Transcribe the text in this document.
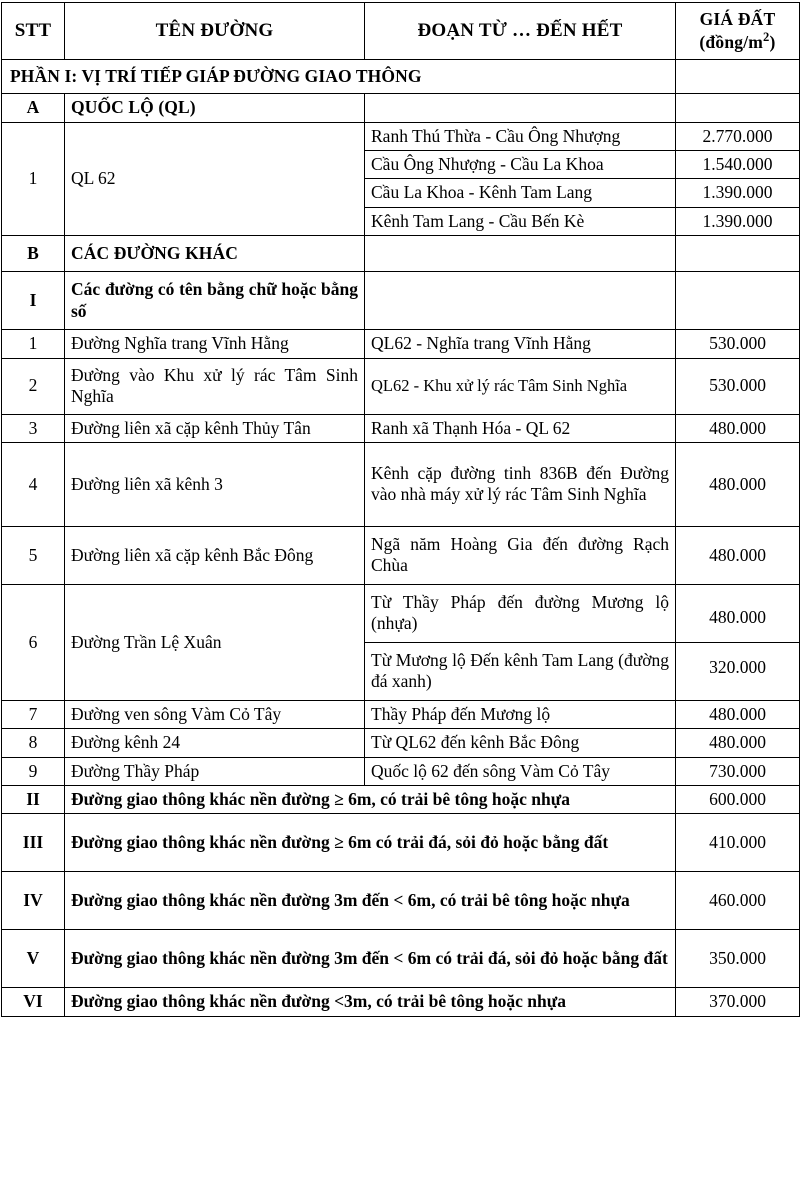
STT	TÊN ĐƯỜNG	ĐOẠN TỪ … ĐẾN HẾT	GIÁ ĐẤT
$(đồng/m^2)$

PHẦN I: VỊ TRÍ TIẾP GIÁP ĐƯỜNG GIAO THÔNG			
A	QUỐC LỘ (QL)		
1	QL 62	Ranh Thú Thừa - Cầu Ông Nhượng	2.770.000
		Cầu Ông Nhượng - Cầu La Khoa	1.540.000
		Cầu La Khoa - Kênh Tam Lang	1.390.000
		Kênh Tam Lang - Cầu Bến Kè	1.390.000
B	CÁC ĐƯỜNG KHÁC		
I	Các đường có tên bằng chữ hoặc bằng số		
1	Đường Nghĩa trang Vĩnh Hằng	QL62 - Nghĩa trang Vĩnh Hằng	530.000
2	Đường vào Khu xử lý rác Tâm Sinh Nghĩa	QL62 - Khu xử lý rác Tâm Sinh Nghĩa	530.000
3	Đường liên xã cặp kênh Thủy Tân	Ranh xã Thạnh Hóa - QL 62	480.000
4	Đường liên xã kênh 3	Kênh cặp đường tinh 836B đến Đường vào nhà máy xử lý rác Tâm Sinh Nghĩa	480.000
5	Đường liên xã cặp kênh Bắc Đông	Ngã năm Hoàng Gia đến đường Rạch Chùa	480.000
6	Đường Trần Lệ Xuân	Từ Thầy Pháp đến đường Mương lộ (nhựa)	480.000
		Từ Mương lộ Đến kênh Tam Lang (đường đá xanh)	320.000
7	Đường ven sông Vàm Cỏ Tây	Thầy Pháp đến Mương lộ	480.000
8	Đường kênh 24	Từ QL62 đến kênh Bắc Đông	480.000
9	Đường Thầy Pháp	Quốc lộ 62 đến sông Vàm Cỏ Tây	730.000
II	Đường giao thông khác nền đường ≥ 6m, có trải bê tông hoặc nhựa		600.000
III	Đường giao thông khác nền đường ≥ 6m có trải đá, sỏi đỏ hoặc bằng đất		410.000
IV	Đường giao thông khác nền đường 3m đến < 6m, có trải bê tông hoặc nhựa		460.000
V	Đường giao thông khác nền đường 3m đến < 6m có trải đá, sỏi đỏ hoặc bằng đất		350.000
VI	Đường giao thông khác nền đường <3m, có trải bê tông hoặc nhựa		370.000
